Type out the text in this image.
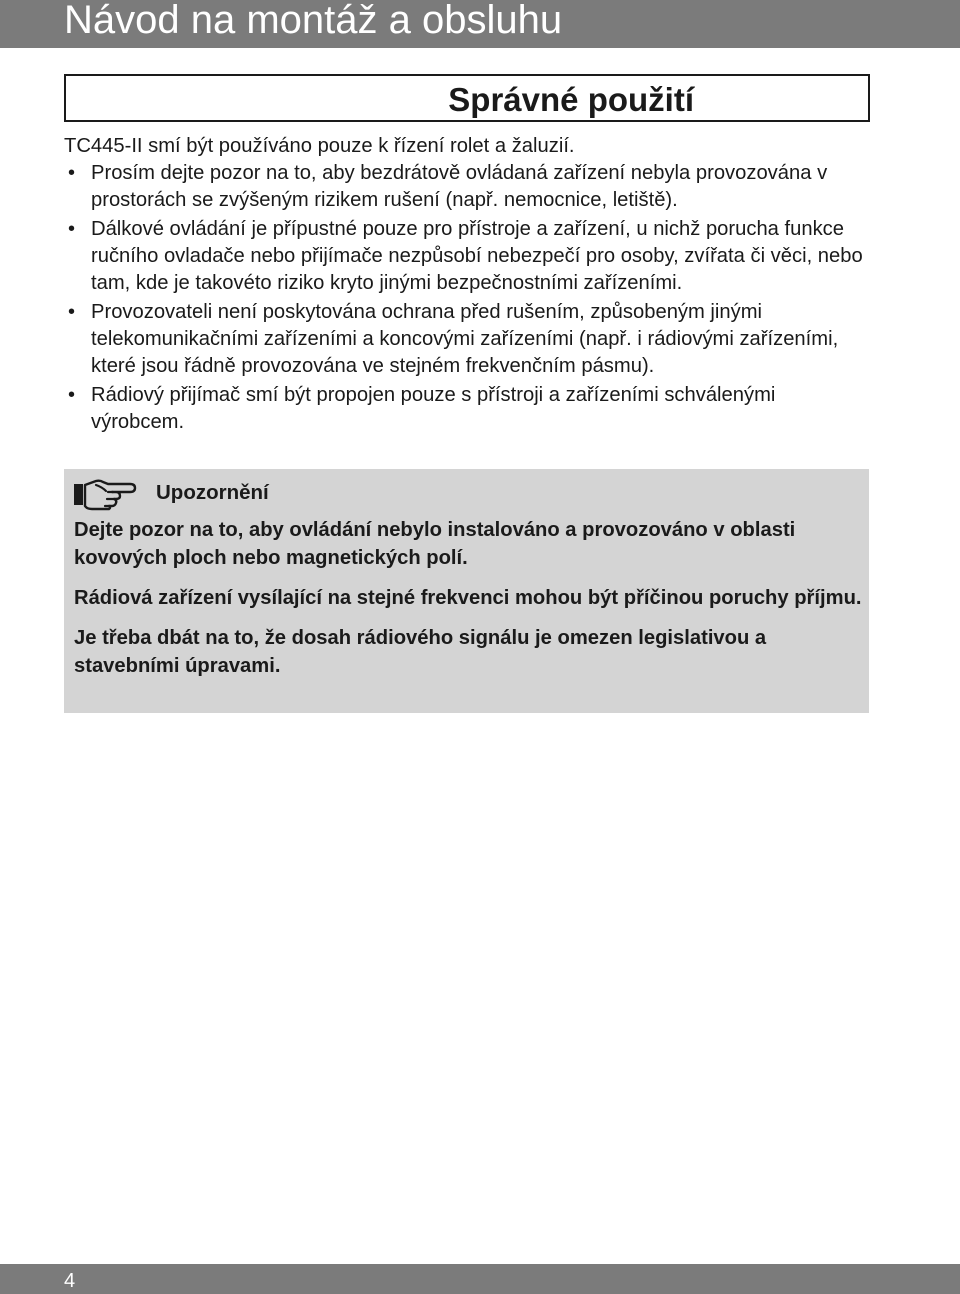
Návod na montáž a obsluhu
Správné použití

TC445-II smí být používáno pouze k řízení rolet a žaluzií.

• Prosím dejte pozor na to, aby bezdrátově ovládaná zařízení nebyla provozována v prostorách se zvýšeným rizikem rušení (např. nemocnice, letiště).
• Dálkové ovládání je přípustné pouze pro přístroje a zařízení, u nichž porucha funkce ručního ovladače nebo přijímače nezpůsobí nebezpečí pro osoby, zvířata či věci, nebo tam, kde je takovéto riziko kryto jinými bezpečnostními zařízeními.
• Provozovateli není poskytována ochrana před rušením, způsobeným jinými telekomunikačními zařízeními a koncovými zařízeními (např. i rádiovými zařízeními, které jsou řádně provozována ve stejném frekvenčním pásmu).
• Rádiový přijímač smí být propojen pouze s přístroji a zařízeními schválenými výrobcem.
Upozornění

Dejte pozor na to, aby ovládání nebylo instalováno a provozováno v oblasti kovových ploch nebo magnetických polí.

Rádiová zařízení vysílající na stejné frekvenci mohou být příčinou poruchy příjmu.

Je třeba dbát na to, že dosah rádiového signálu je omezen legislativou a stavebními úpravami.

4
